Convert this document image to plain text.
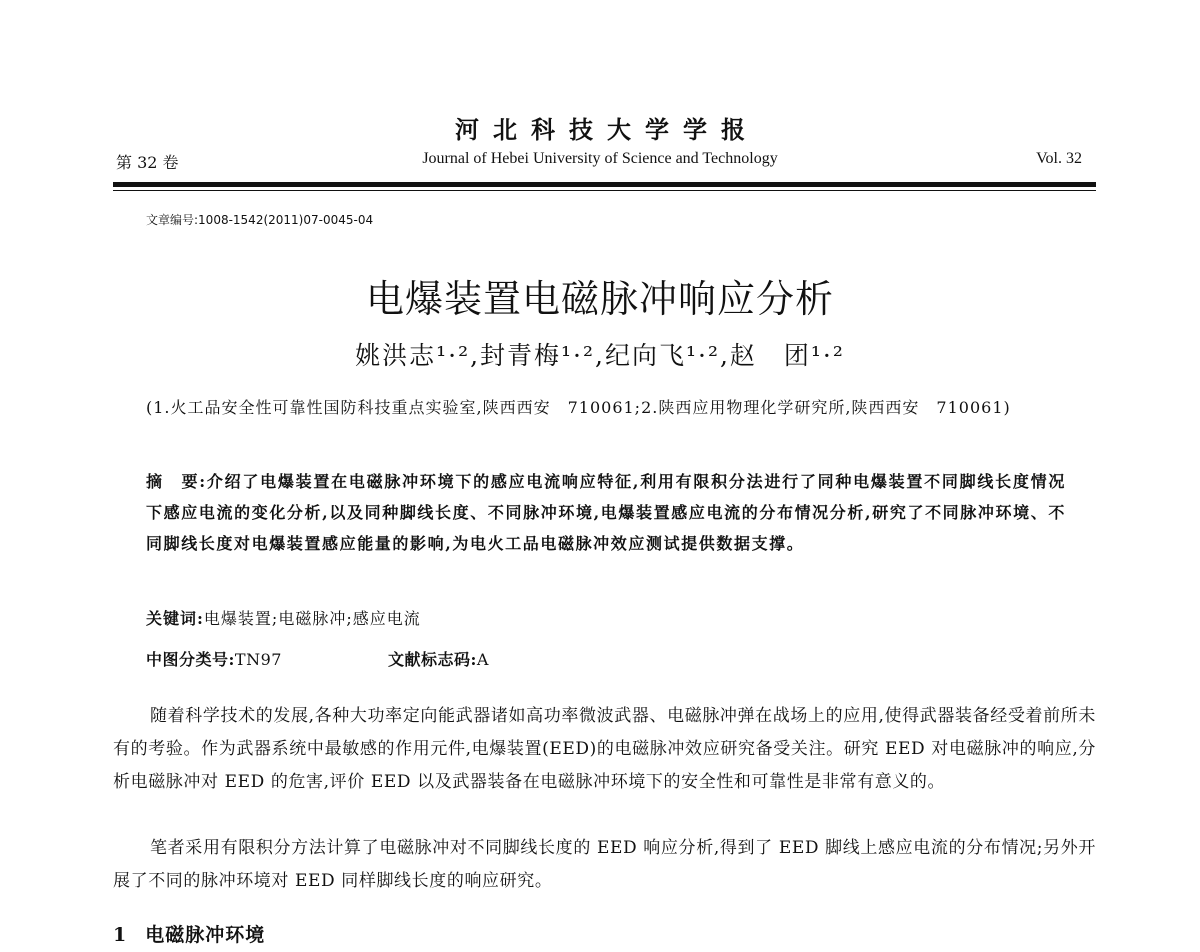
河北科技大学学报
第 32 卷	Journal of Hebei University of Science and Technology	Vol. 32
文章编号:1008-1542(2011)07-0045-04
电爆装置电磁脉冲响应分析
姚洪志¹·²,封青梅¹·²,纪向飞¹·²,赵　团¹·²
(1.火工品安全性可靠性国防科技重点实验室,陕西西安　710061;2.陕西应用物理化学研究所,陕西西安　710061)
摘　要:介绍了电爆装置在电磁脉冲环境下的感应电流响应特征,利用有限积分法进行了同种电爆装置不同脚线长度情况下感应电流的变化分析,以及同种脚线长度、不同脉冲环境,电爆装置感应电流的分布情况分析,研究了不同脉冲环境、不同脚线长度对电爆装置感应能量的影响,为电火工品电磁脉冲效应测试提供数据支撑。
关键词:电爆装置;电磁脉冲;感应电流
中图分类号:TN97	文献标志码:A
随着科学技术的发展,各种大功率定向能武器诸如高功率微波武器、电磁脉冲弹在战场上的应用,使得武器装备经受着前所未有的考验。作为武器系统中最敏感的作用元件,电爆装置(EED)的电磁脉冲效应研究备受关注。研究 EED 对电磁脉冲的响应,分析电磁脉冲对 EED 的危害,评价 EED 以及武器装备在电磁脉冲环境下的安全性和可靠性是非常有意义的。
笔者采用有限积分方法计算了电磁脉冲对不同脚线长度的 EED 响应分析,得到了 EED 脚线上感应电流的分布情况;另外开展了不同的脉冲环境对 EED 同样脚线长度的响应研究。
1 电磁脉冲环境
